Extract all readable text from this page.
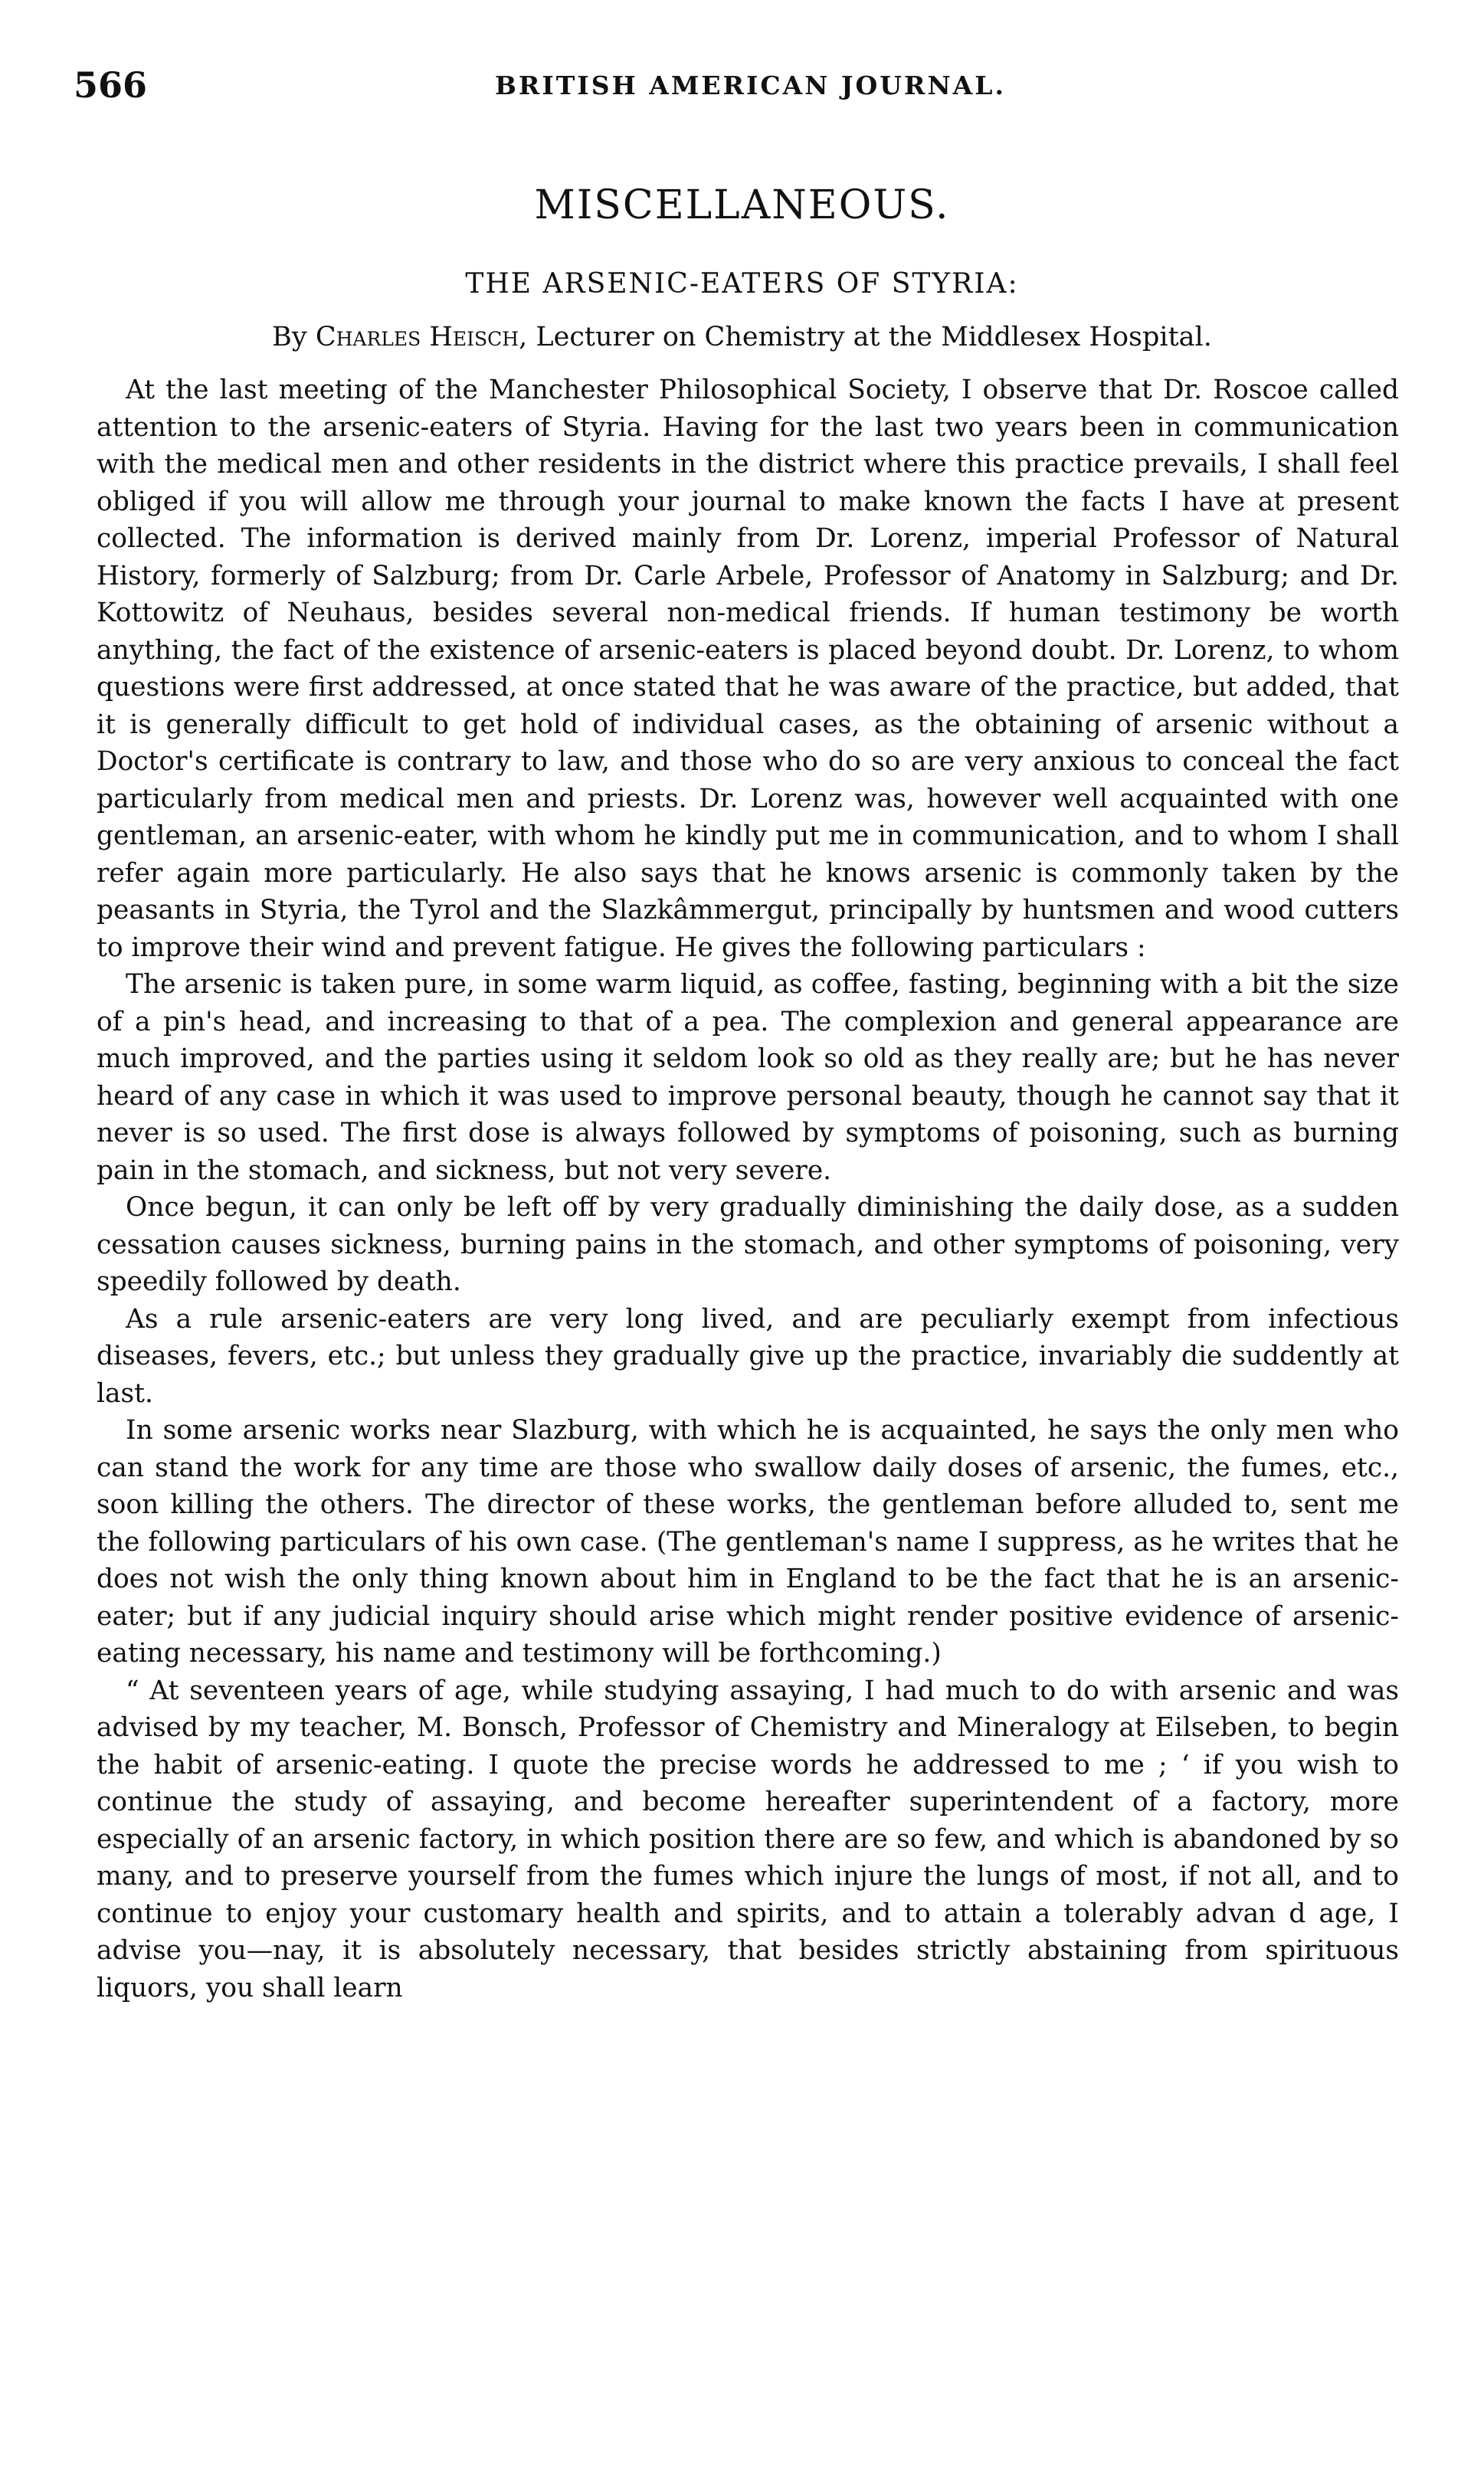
566	BRITISH AMERICAN JOURNAL.
MISCELLANEOUS.
THE ARSENIC-EATERS OF STYRIA:
By Charles Heisch, Lecturer on Chemistry at the Middlesex Hospital.

At the last meeting of the Manchester Philosophical Society, I observe that Dr. Roscoe called attention to the arsenic-eaters of Styria. Having for the last two years been in communication with the medical men and other residents in the district where this practice prevails, I shall feel obliged if you will allow me through your journal to make known the facts I have at present collected. The information is derived mainly from Dr. Lorenz, imperial Professor of Natural History, formerly of Salzburg; from Dr. Carle Arbele, Professor of Anatomy in Salzburg; and Dr. Kottowitz of Neuhaus, besides several non-medical friends. If human testimony be worth anything, the fact of the existence of arsenic-eaters is placed beyond doubt. Dr. Lorenz, to whom questions were first addressed, at once stated that he was aware of the practice, but added, that it is generally difficult to get hold of individual cases, as the obtaining of arsenic without a Doctor's certificate is contrary to law, and those who do so are very anxious to conceal the fact particularly from medical men and priests. Dr. Lorenz was, however well acquainted with one gentleman, an arsenic-eater, with whom he kindly put me in communication, and to whom I shall refer again more particularly. He also says that he knows arsenic is commonly taken by the peasants in Styria, the Tyrol and the Slazkâmmergut, principally by huntsmen and wood cutters to improve their wind and prevent fatigue. He gives the following particulars :

The arsenic is taken pure, in some warm liquid, as coffee, fasting, beginning with a bit the size of a pin's head, and increasing to that of a pea. The complexion and general appearance are much improved, and the parties using it seldom look so old as they really are; but he has never heard of any case in which it was used to improve personal beauty, though he cannot say that it never is so used. The first dose is always followed by symptoms of poisoning, such as burning pain in the stomach, and sickness, but not very severe.

Once begun, it can only be left off by very gradually diminishing the daily dose, as a sudden cessation causes sickness, burning pains in the stomach, and other symptoms of poisoning, very speedily followed by death.

As a rule arsenic-eaters are very long lived, and are peculiarly exempt from infectious diseases, fevers, etc.; but unless they gradually give up the practice, invariably die suddently at last.

In some arsenic works near Slazburg, with which he is acquainted, he says the only men who can stand the work for any time are those who swallow daily doses of arsenic, the fumes, etc., soon killing the others. The director of these works, the gentleman before alluded to, sent me the following particulars of his own case. (The gentleman's name I suppress, as he writes that he does not wish the only thing known about him in England to be the fact that he is an arsenic-eater; but if any judicial inquiry should arise which might render positive evidence of arsenic-eating necessary, his name and testimony will be forthcoming.)

“ At seventeen years of age, while studying assaying, I had much to do with arsenic and was advised by my teacher, M. Bonsch, Professor of Chemistry and Mineralogy at Eilseben, to begin the habit of arsenic-eating. I quote the precise words he addressed to me ; ‘ if you wish to continue the study of assaying, and become hereafter superintendent of a factory, more especially of an arsenic factory, in which position there are so few, and which is abandoned by so many, and to preserve yourself from the fumes which injure the lungs of most, if not all, and to continue to enjoy your customary health and spirits, and to attain a tolerably advan d age, I advise you—nay, it is absolutely necessary, that besides strictly abstaining from spirituous liquors, you shall learn
